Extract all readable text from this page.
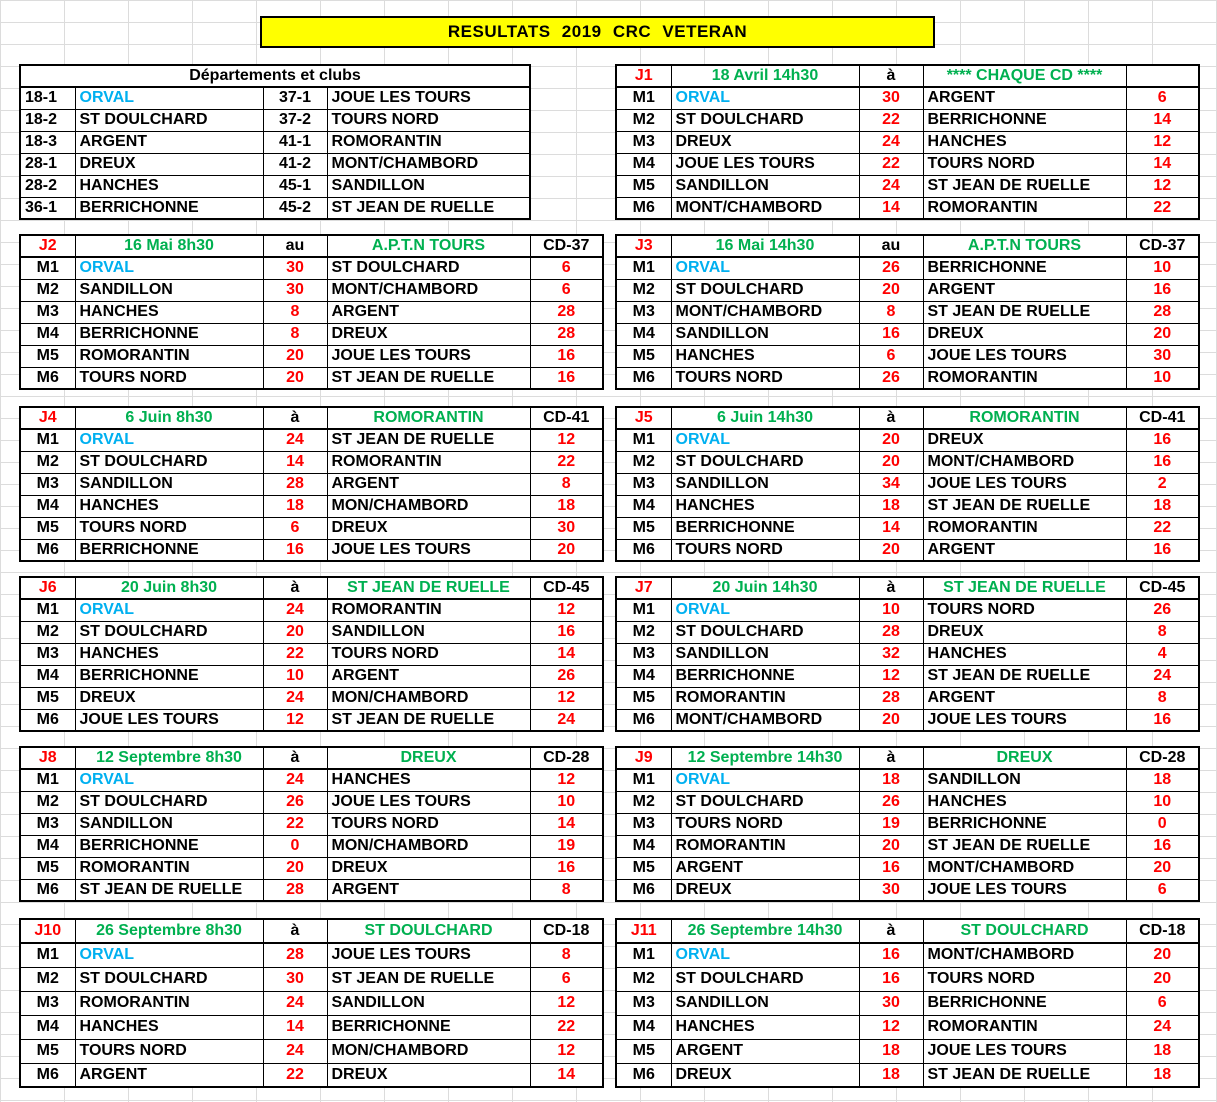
RESULTATS 2019 CRC VETERAN
Départements et clubs			
18-1	ORVAL	37-1	JOUE LES TOURS
18-2	ST DOULCHARD	37-2	TOURS NORD
18-3	ARGENT	41-1	ROMORANTIN
28-1	DREUX	41-2	MONT/CHAMBORD
28-2	HANCHES	45-1	SANDILLON
36-1	BERRICHONNE	45-2	ST JEAN DE RUELLE
J1	18 Avril 14h30	à	**** CHAQUE CD ****	
M1	ORVAL	30	ARGENT	6
M2	ST DOULCHARD	22	BERRICHONNE	14
M3	DREUX	24	HANCHES	12
M4	JOUE LES TOURS	22	TOURS NORD	14
M5	SANDILLON	24	ST JEAN DE RUELLE	12
M6	MONT/CHAMBORD	14	ROMORANTIN	22
J2	16 Mai 8h30	au	A.P.T.N TOURS	CD-37
M1	ORVAL	30	ST DOULCHARD	6
M2	SANDILLON	30	MONT/CHAMBORD	6
M3	HANCHES	8	ARGENT	28
M4	BERRICHONNE	8	DREUX	28
M5	ROMORANTIN	20	JOUE LES TOURS	16
M6	TOURS NORD	20	ST JEAN DE RUELLE	16
J3	16 Mai 14h30	au	A.P.T.N TOURS	CD-37
M1	ORVAL	26	BERRICHONNE	10
M2	ST DOULCHARD	20	ARGENT	16
M3	MONT/CHAMBORD	8	ST JEAN DE RUELLE	28
M4	SANDILLON	16	DREUX	20
M5	HANCHES	6	JOUE LES TOURS	30
M6	TOURS NORD	26	ROMORANTIN	10
J4	6 Juin 8h30	à	ROMORANTIN	CD-41
M1	ORVAL	24	ST JEAN DE RUELLE	12
M2	ST DOULCHARD	14	ROMORANTIN	22
M3	SANDILLON	28	ARGENT	8
M4	HANCHES	18	MON/CHAMBORD	18
M5	TOURS NORD	6	DREUX	30
M6	BERRICHONNE	16	JOUE LES TOURS	20
J5	6 Juin 14h30	à	ROMORANTIN	CD-41
M1	ORVAL	20	DREUX	16
M2	ST DOULCHARD	20	MONT/CHAMBORD	16
M3	SANDILLON	34	JOUE LES TOURS	2
M4	HANCHES	18	ST JEAN DE RUELLE	18
M5	BERRICHONNE	14	ROMORANTIN	22
M6	TOURS NORD	20	ARGENT	16
J6	20 Juin 8h30	à	ST JEAN DE RUELLE	CD-45
M1	ORVAL	24	ROMORANTIN	12
M2	ST DOULCHARD	20	SANDILLON	16
M3	HANCHES	22	TOURS NORD	14
M4	BERRICHONNE	10	ARGENT	26
M5	DREUX	24	MON/CHAMBORD	12
M6	JOUE LES TOURS	12	ST JEAN DE RUELLE	24
J7	20 Juin 14h30	à	ST JEAN DE RUELLE	CD-45
M1	ORVAL	10	TOURS NORD	26
M2	ST DOULCHARD	28	DREUX	8
M3	SANDILLON	32	HANCHES	4
M4	BERRICHONNE	12	ST JEAN DE RUELLE	24
M5	ROMORANTIN	28	ARGENT	8
M6	MONT/CHAMBORD	20	JOUE LES TOURS	16
J8	12 Septembre 8h30	à	DREUX	CD-28
M1	ORVAL	24	HANCHES	12
M2	ST DOULCHARD	26	JOUE LES TOURS	10
M3	SANDILLON	22	TOURS NORD	14
M4	BERRICHONNE	0	MON/CHAMBORD	19
M5	ROMORANTIN	20	DREUX	16
M6	ST JEAN DE RUELLE	28	ARGENT	8
J9	12 Septembre 14h30	à	DREUX	CD-28
M1	ORVAL	18	SANDILLON	18
M2	ST DOULCHARD	26	HANCHES	10
M3	TOURS NORD	19	BERRICHONNE	0
M4	ROMORANTIN	20	ST JEAN DE RUELLE	16
M5	ARGENT	16	MONT/CHAMBORD	20
M6	DREUX	30	JOUE LES TOURS	6
J10	26 Septembre 8h30	à	ST DOULCHARD	CD-18
M1	ORVAL	28	JOUE LES TOURS	8
M2	ST DOULCHARD	30	ST JEAN DE RUELLE	6
M3	ROMORANTIN	24	SANDILLON	12
M4	HANCHES	14	BERRICHONNE	22
M5	TOURS NORD	24	MON/CHAMBORD	12
M6	ARGENT	22	DREUX	14
J11	26 Septembre 14h30	à	ST DOULCHARD	CD-18
M1	ORVAL	16	MONT/CHAMBORD	20
M2	ST DOULCHARD	16	TOURS NORD	20
M3	SANDILLON	30	BERRICHONNE	6
M4	HANCHES	12	ROMORANTIN	24
M5	ARGENT	18	JOUE LES TOURS	18
M6	DREUX	18	ST JEAN DE RUELLE	18
